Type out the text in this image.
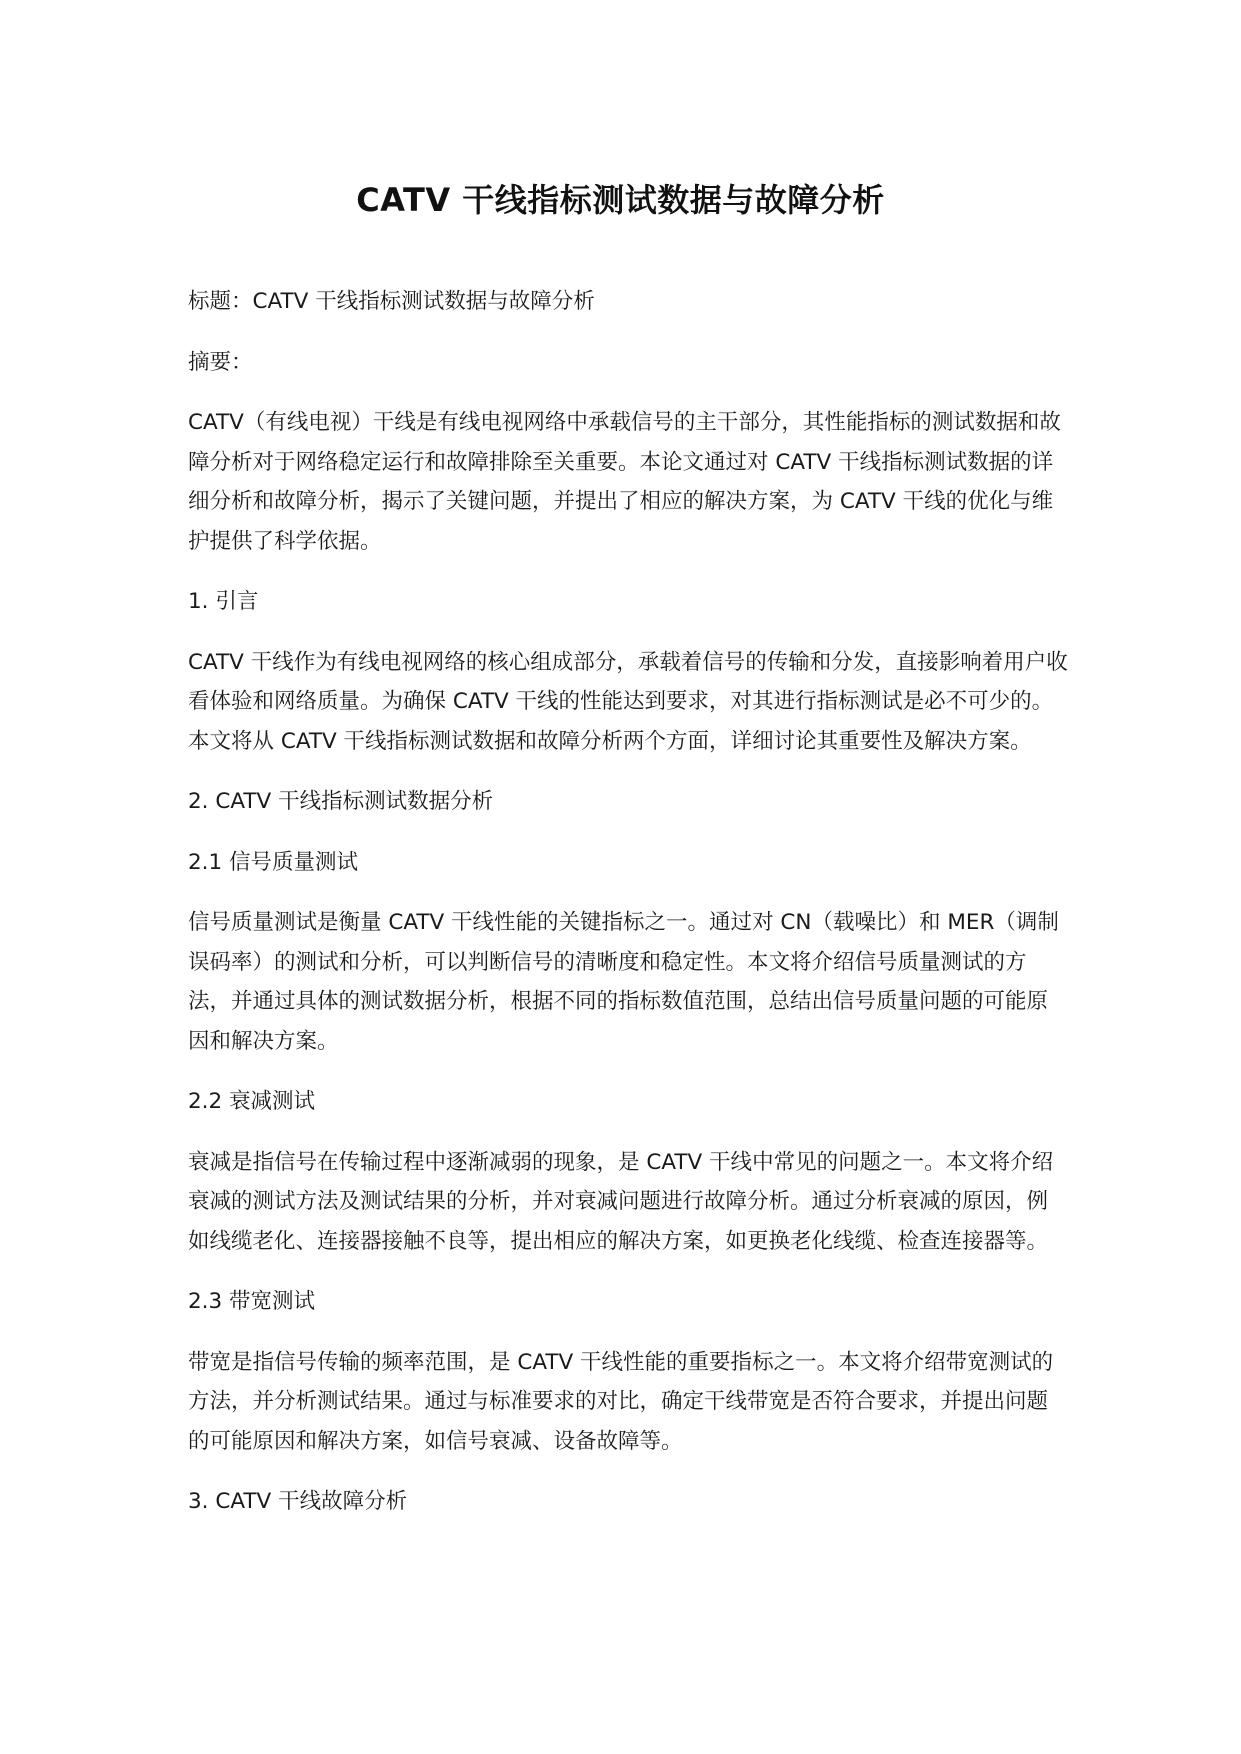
CATV 干线指标测试数据与故障分析

标题：CATV 干线指标测试数据与故障分析

摘要：

CATV（有线电视）干线是有线电视网络中承载信号的主干部分，其性能指标的测试数据和故障分析对于网络稳定运行和故障排除至关重要。本论文通过对 CATV 干线指标测试数据的详细分析和故障分析，揭示了关键问题，并提出了相应的解决方案，为 CATV 干线的优化与维护提供了科学依据。

1. 引言

CATV 干线作为有线电视网络的核心组成部分，承载着信号的传输和分发，直接影响着用户收看体验和网络质量。为确保 CATV 干线的性能达到要求，对其进行指标测试是必不可少的。本文将从 CATV 干线指标测试数据和故障分析两个方面，详细讨论其重要性及解决方案。

2. CATV 干线指标测试数据分析

2.1 信号质量测试

信号质量测试是衡量 CATV 干线性能的关键指标之一。通过对 CN（载噪比）和 MER（调制误码率）的测试和分析，可以判断信号的清晰度和稳定性。本文将介绍信号质量测试的方法，并通过具体的测试数据分析，根据不同的指标数值范围，总结出信号质量问题的可能原因和解决方案。

2.2 衰减测试

衰减是指信号在传输过程中逐渐减弱的现象，是 CATV 干线中常见的问题之一。本文将介绍衰减的测试方法及测试结果的分析，并对衰减问题进行故障分析。通过分析衰减的原因，例如线缆老化、连接器接触不良等，提出相应的解决方案，如更换老化线缆、检查连接器等。

2.3 带宽测试

带宽是指信号传输的频率范围，是 CATV 干线性能的重要指标之一。本文将介绍带宽测试的方法，并分析测试结果。通过与标准要求的对比，确定干线带宽是否符合要求，并提出问题的可能原因和解决方案，如信号衰减、设备故障等。

3. CATV 干线故障分析
